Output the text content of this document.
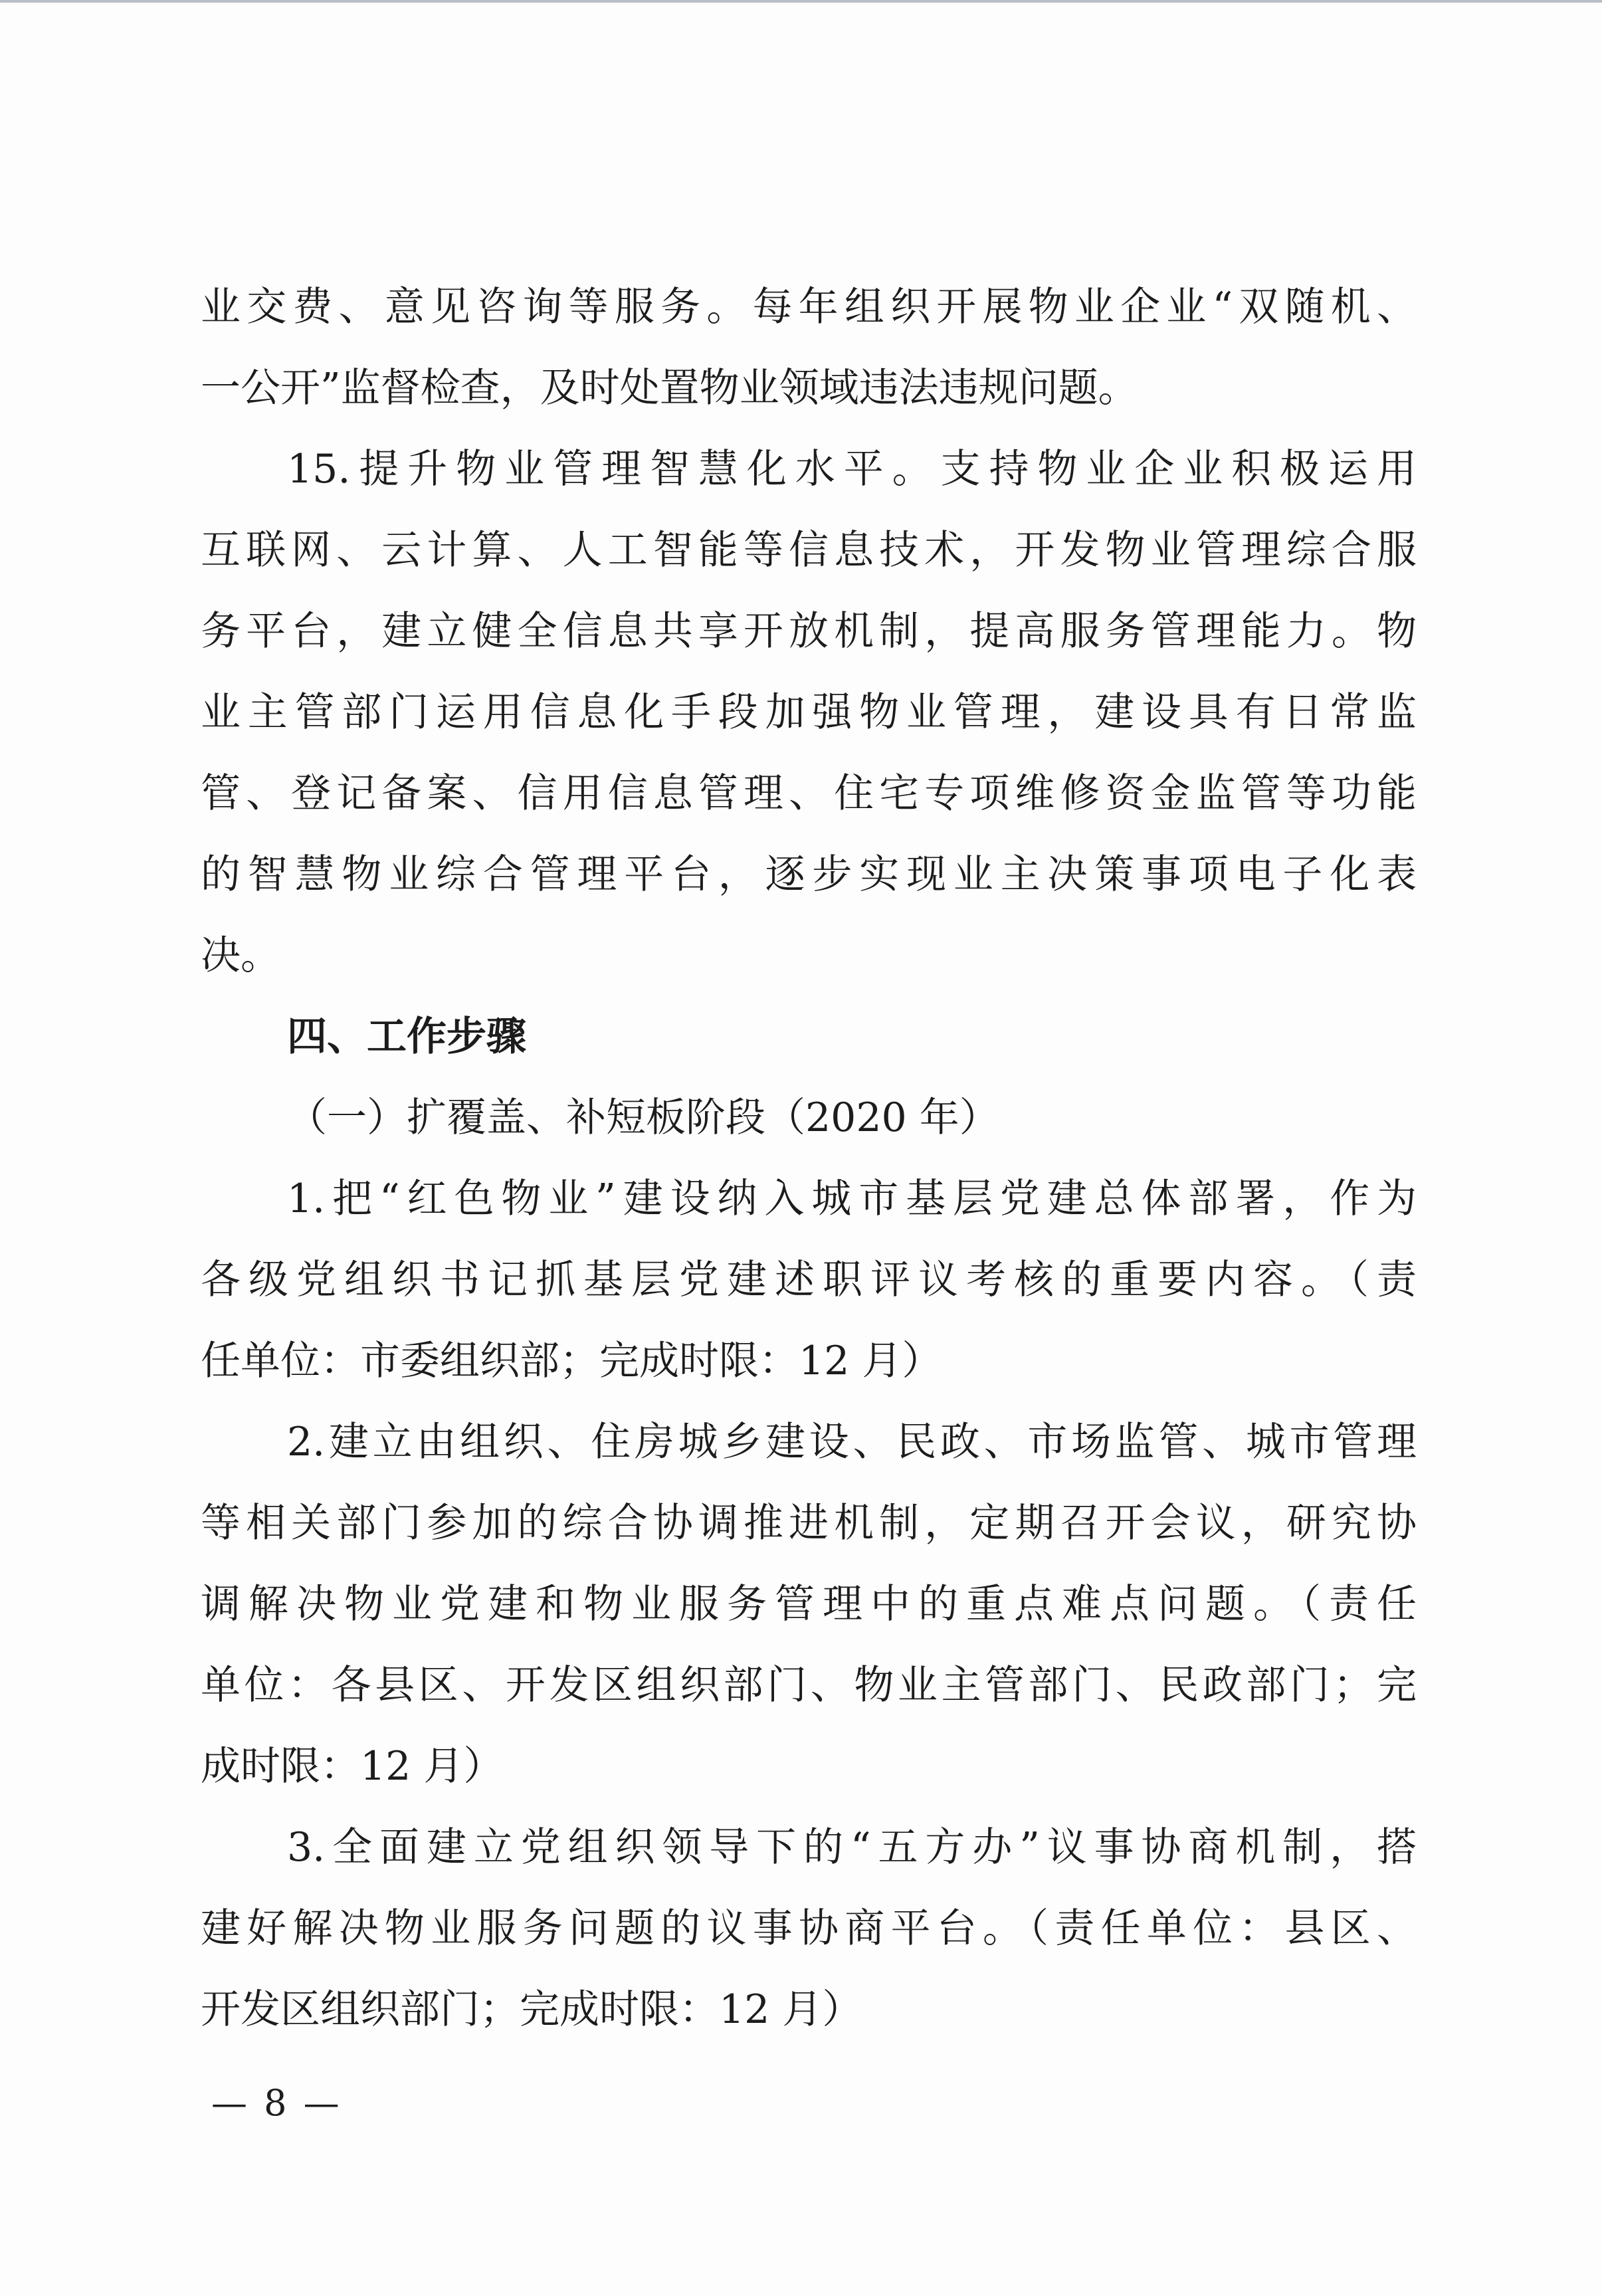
业交费、意见咨询等服务。每年组织开展物业企业“双随机、
一公开”监督检查，及时处置物业领域违法违规问题。
15.提升物业管理智慧化水平。支持物业企业积极运用
互联网、云计算、人工智能等信息技术，开发物业管理综合服
务平台，建立健全信息共享开放机制，提高服务管理能力。物
业主管部门运用信息化手段加强物业管理，建设具有日常监
管、登记备案、信用信息管理、住宅专项维修资金监管等功能
的智慧物业综合管理平台，逐步实现业主决策事项电子化表
决。
四、工作步骤
（一）扩覆盖、补短板阶段（2020 年）
1.把“红色物业”建设纳入城市基层党建总体部署，作为
各级党组织书记抓基层党建述职评议考核的重要内容。（责
任单位：市委组织部；完成时限：12 月）
2.建立由组织、住房城乡建设、民政、市场监管、城市管理
等相关部门参加的综合协调推进机制，定期召开会议，研究协
调解决物业党建和物业服务管理中的重点难点问题。（责任
单位：各县区、开发区组织部门、物业主管部门、民政部门；完
成时限：12 月）
3.全面建立党组织领导下的“五方办”议事协商机制，搭
建好解决物业服务问题的议事协商平台。（责任单位：县区、
开发区组织部门；完成时限：12 月）
— 8 —
